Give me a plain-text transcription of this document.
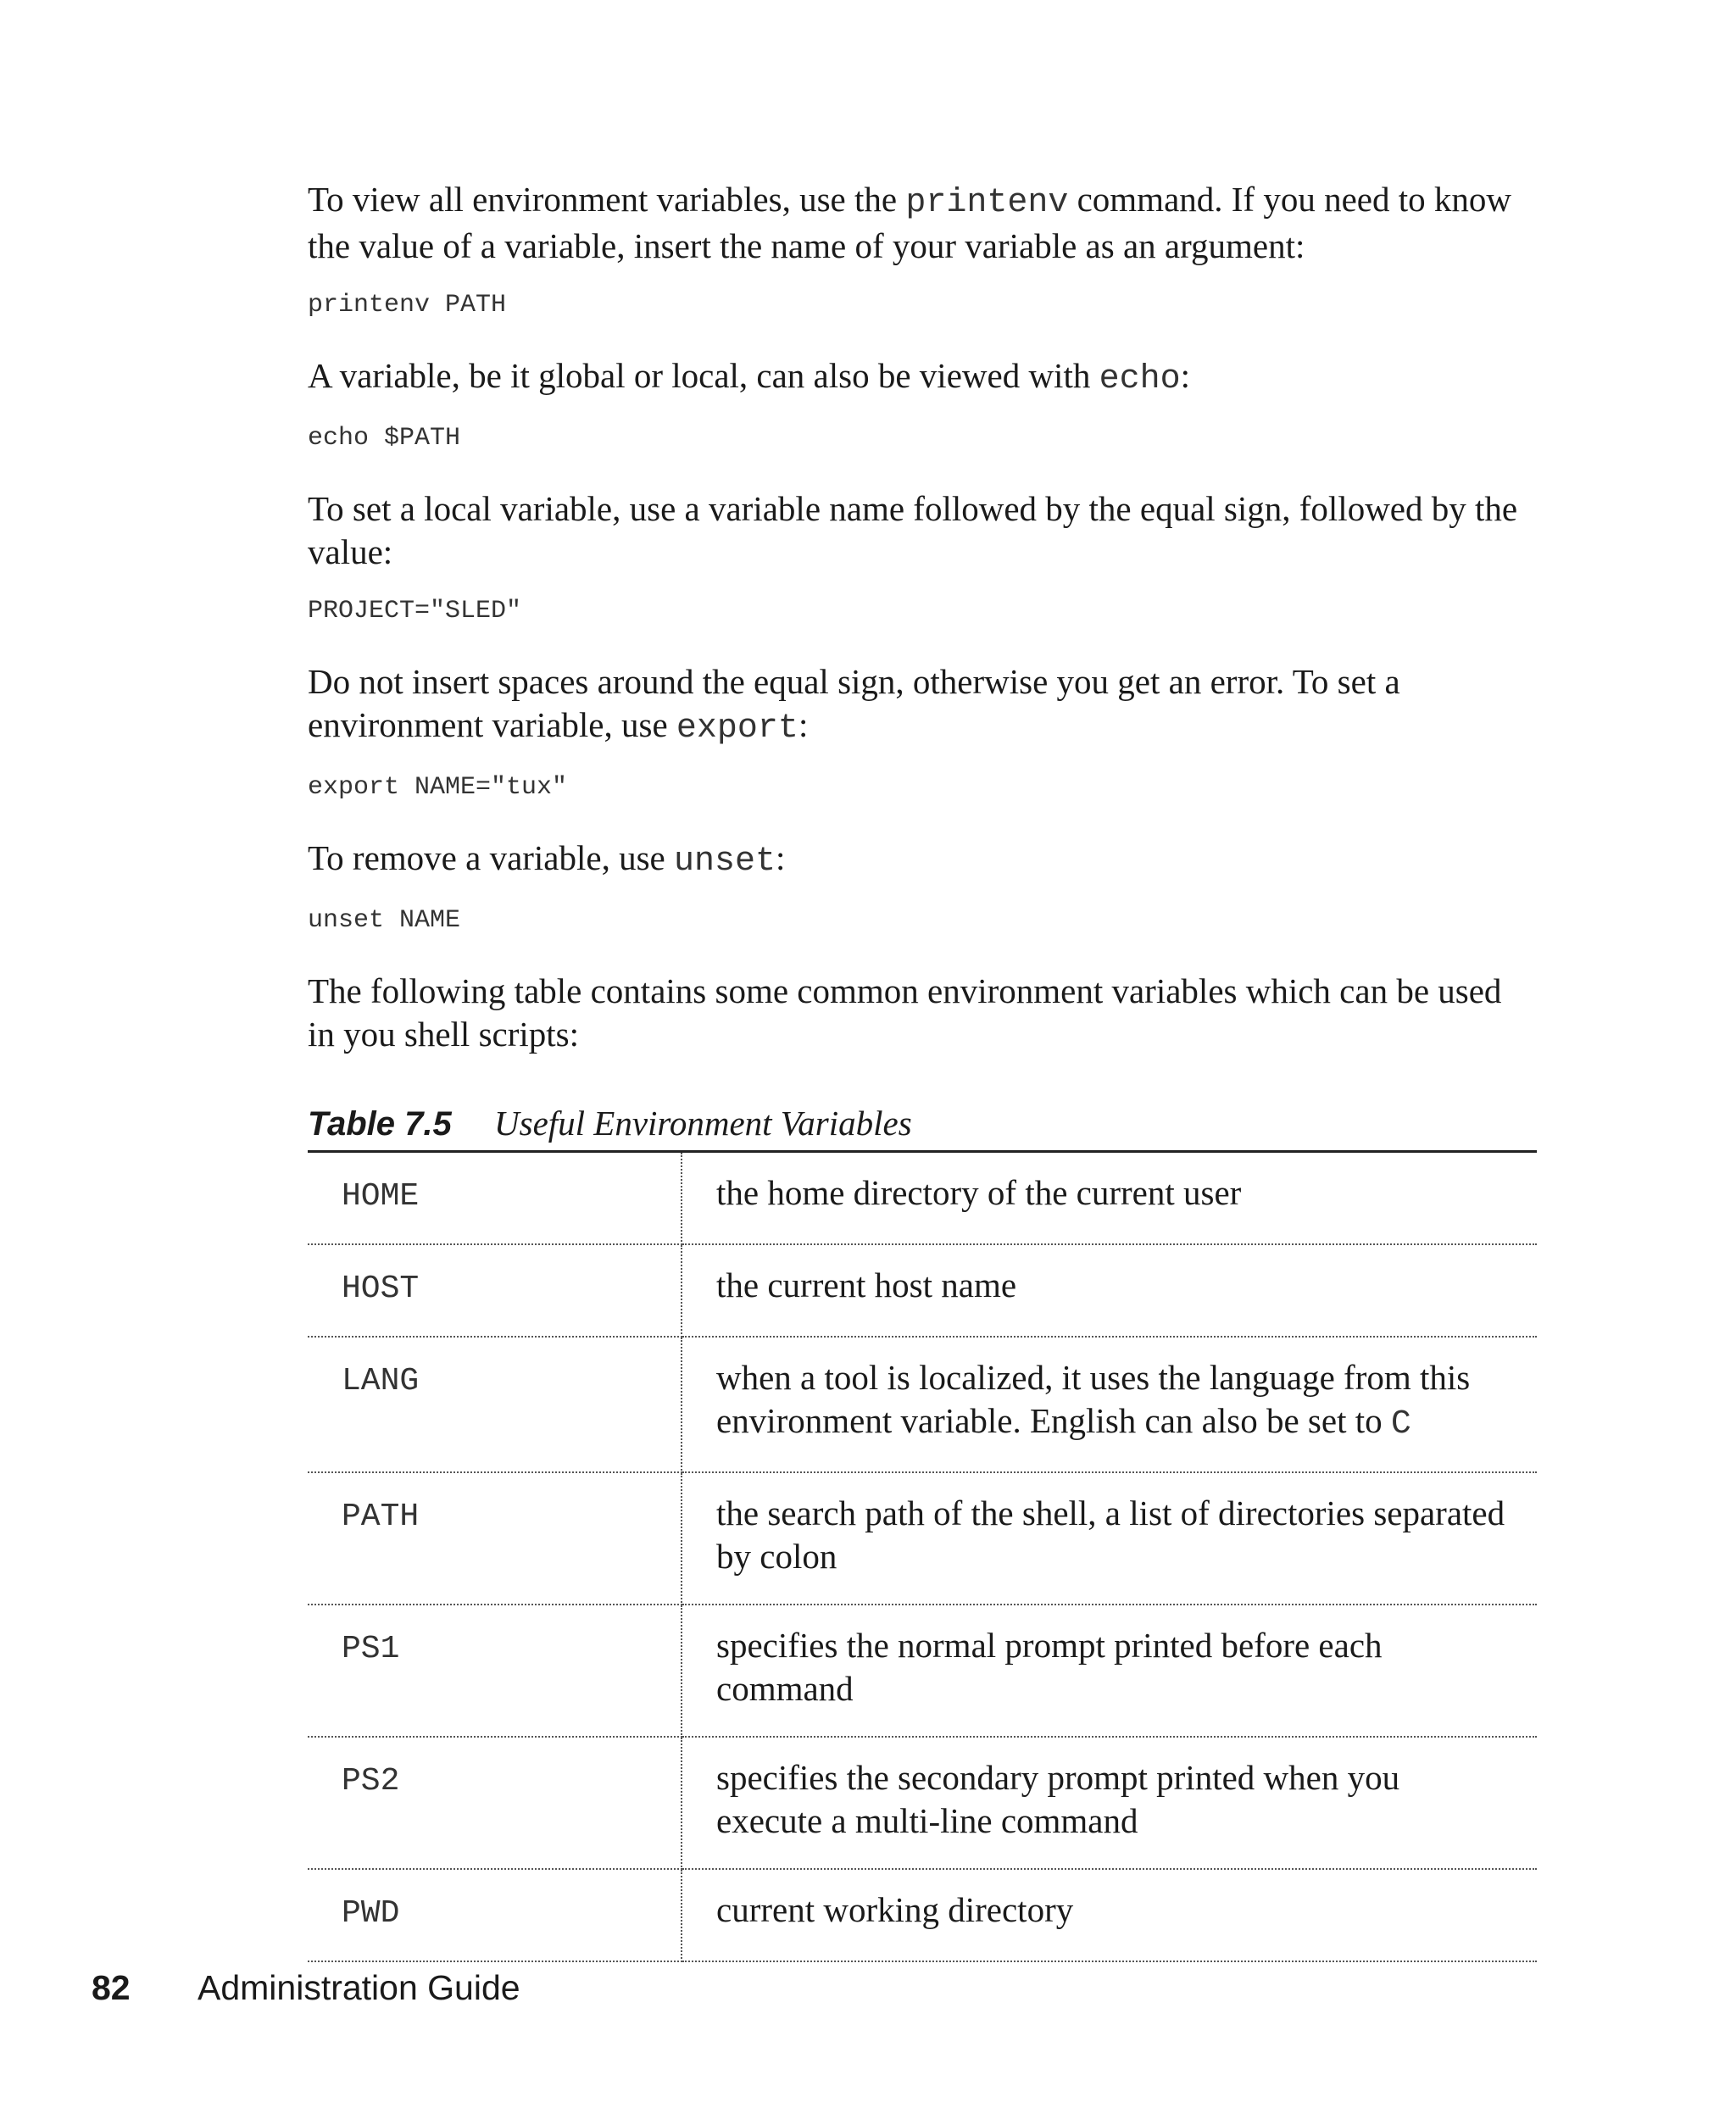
To view all environment variables, use the printenv command. If you need to know the value of a variable, insert the name of your variable as an argument:

printenv PATH

A variable, be it global or local, can also be viewed with echo:

echo $PATH

To set a local variable, use a variable name followed by the equal sign, followed by the value:

PROJECT="SLED"

Do not insert spaces around the equal sign, otherwise you get an error. To set a environment variable, use export:

export NAME="tux"

To remove a variable, use unset:

unset NAME

The following table contains some common environment variables which can be used in you shell scripts:

Table 7.5	Useful Environment Variables
HOME	the home directory of the current user
HOST	the current host name
LANG	when a tool is localized, it uses the language from this environment variable. English can also be set to C
PATH	the search path of the shell, a list of directories separated by colon
PS1	specifies the normal prompt printed before each command
PS2	specifies the secondary prompt printed when you execute a multi-line command
PWD	current working directory
82	Administration Guide
